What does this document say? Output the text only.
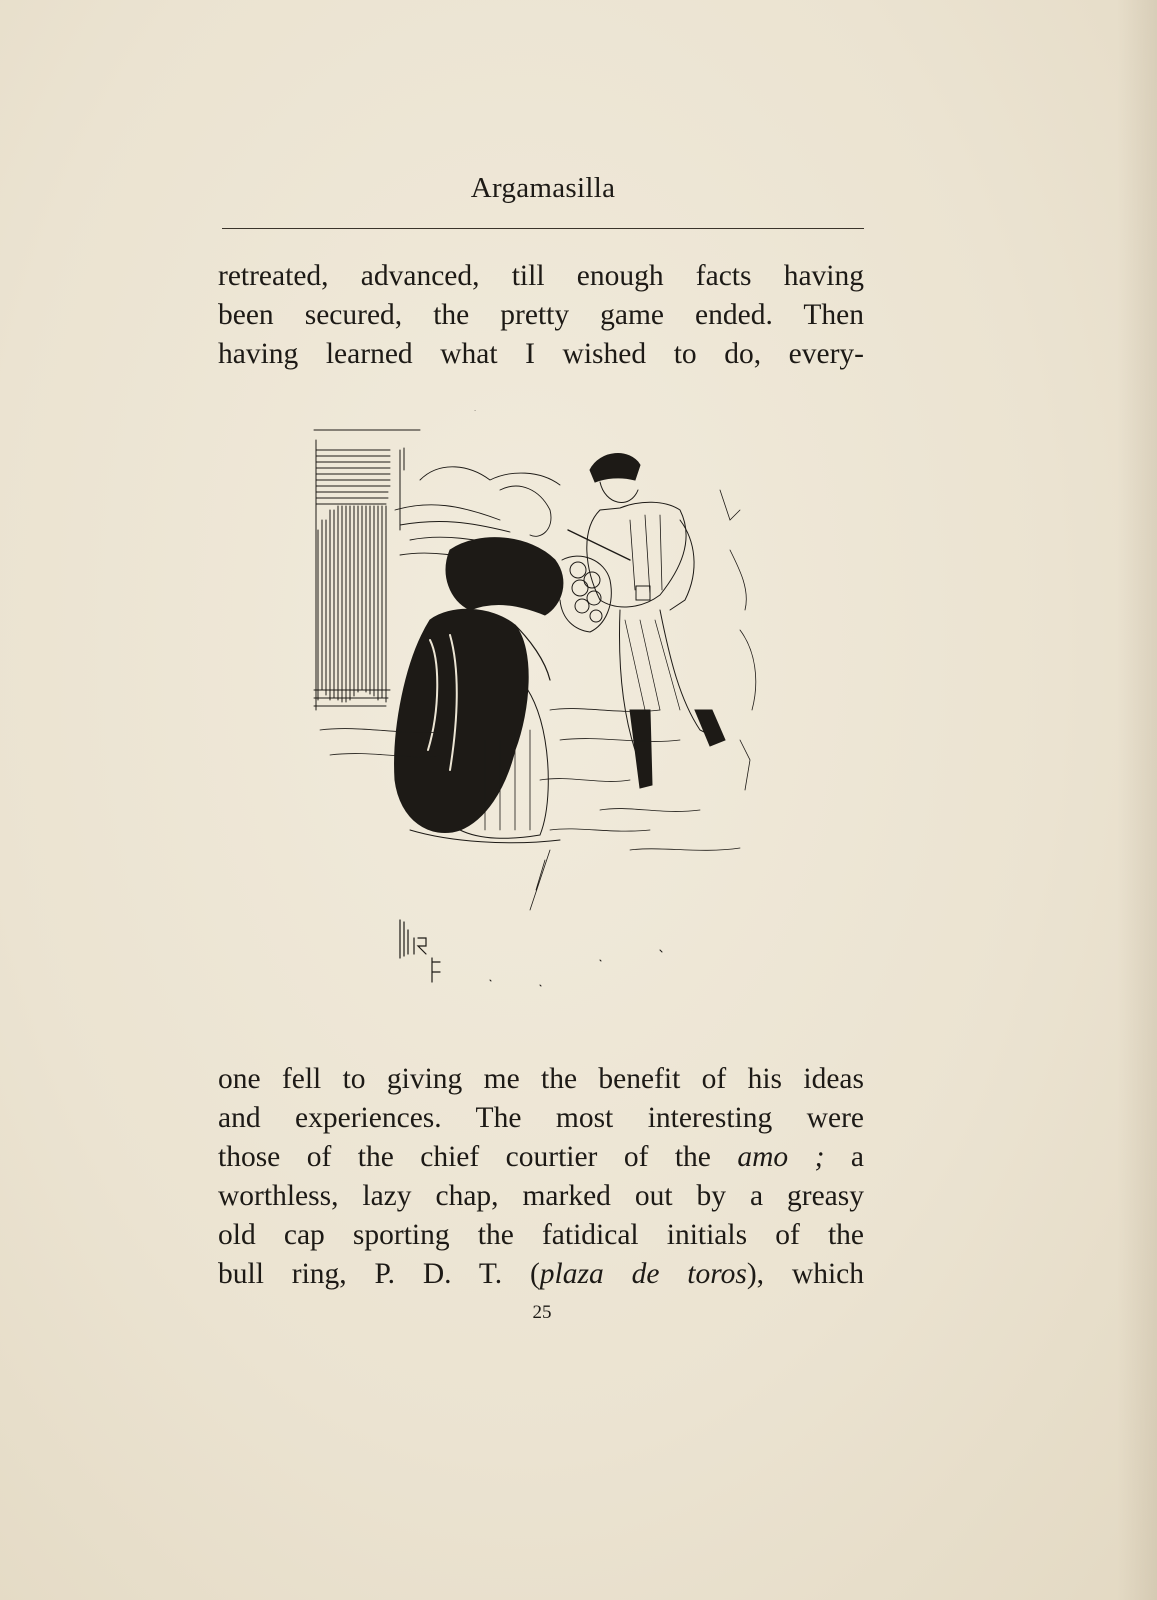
Argamasilla
retreated, advanced, till enough facts having
been secured, the pretty game ended. Then
having learned what I wished to do, every-
one fell to giving me the benefit of his ideas
and experiences. The most interesting were
those of the chief courtier of the amo ; a
worthless, lazy chap, marked out by a greasy
old cap sporting the fatidical initials of the
bull ring, P. D. T. (plaza de toros), which
25
